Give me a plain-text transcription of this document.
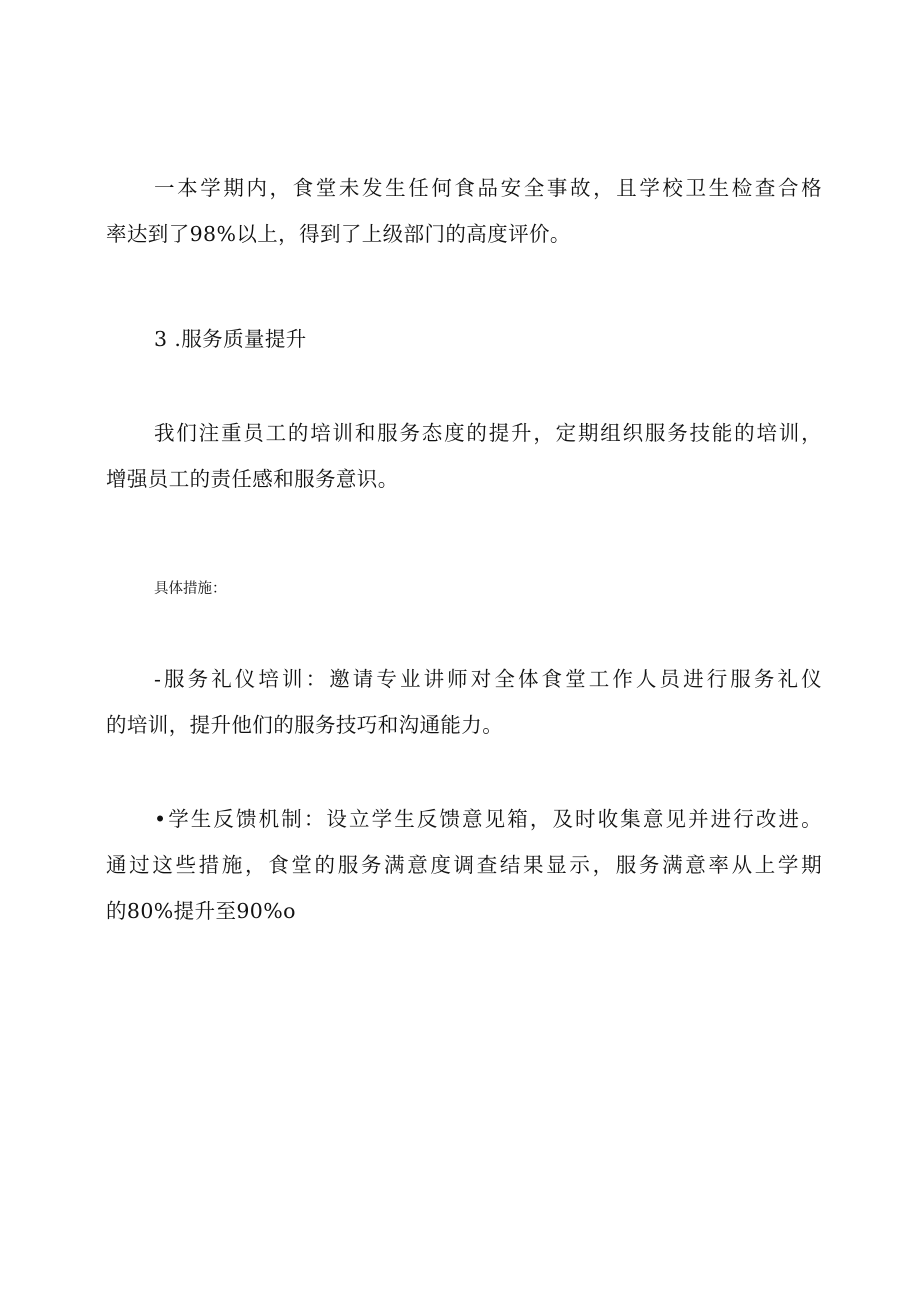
一本学期内，食堂未发生任何食品安全事故，且学校卫生检查合格
率达到了98%以上，得到了上级部门的高度评价。
3 .服务质量提升
我们注重员工的培训和服务态度的提升，定期组织服务技能的培训，
增强员工的责任感和服务意识。
具体措施：
-服务礼仪培训：邀请专业讲师对全体食堂工作人员进行服务礼仪
的培训，提升他们的服务技巧和沟通能力。
•学生反馈机制：设立学生反馈意见箱，及时收集意见并进行改进。
通过这些措施，食堂的服务满意度调查结果显示，服务满意率从上学期
的80%提升至90%o
